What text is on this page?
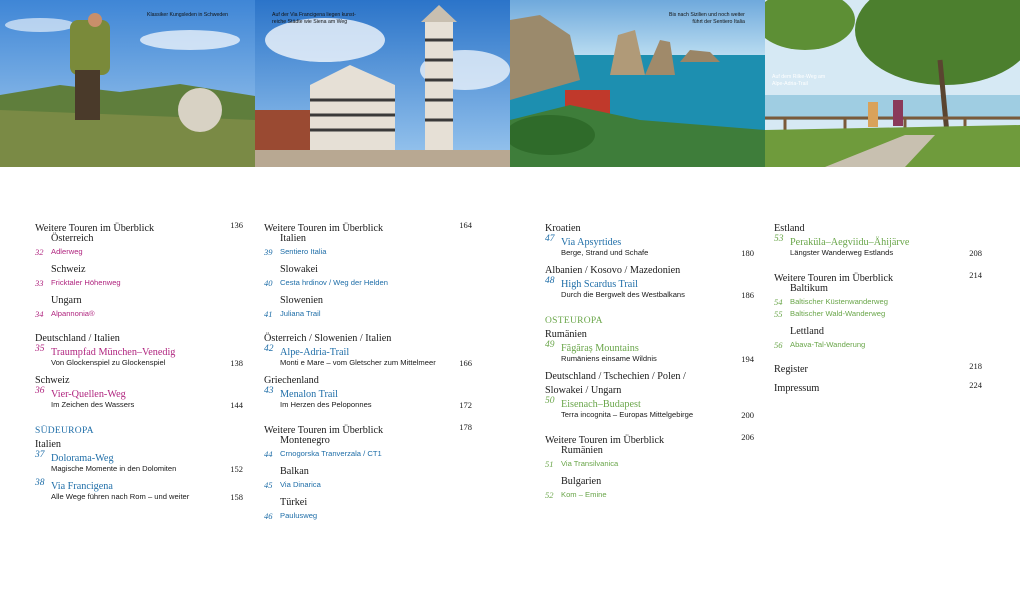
Klassiker Kungsleden in Schweden	Auf der Via Francigena liegen kunst-
reiche Städte wie Siena am Weg
Bis nach Sizilien und noch weiter
führt der Sentiero Italia
Auf dem Rilke-Weg am
Alpe-Adria-Trail
Weitere Touren im Überblick	136
Österreich
32 Adlerweg
Schweiz
33 Fricktaler Höhenweg
Ungarn
34 Alpannonia®
Deutschland / Italien
35 Traumpfad München–Venedig
Von Glockenspiel zu Glockenspiel	138
Schweiz
36 Vier-Quellen-Weg
Im Zeichen des Wassers	144
SÜDEUROPA
Italien
37 Dolorama-Weg
Magische Momente in den Dolomiten	152
38 Via Francigena
Alle Wege führen nach Rom – und weiter	158
Weitere Touren im Überblick	164
Italien
39 Sentiero Italia
Slowakei
40 Cesta hrdinov / Weg der Helden
Slowenien
41 Juliana Trail
Österreich / Slowenien / Italien
42 Alpe-Adria-Trail
Monti e Mare – vom Gletscher zum Mittelmeer	166
Griechenland
43 Menalon Trail
Im Herzen des Peloponnes	172
Weitere Touren im Überblick	178
Montenegro
44 Crnogorska Tranverzala / CT1
Balkan
45 Via Dinarica
Türkei
46 Paulusweg
Kroatien
47 Via Apsyrtides
Berge, Strand und Schafe	180
Albanien / Kosovo / Mazedonien
48 High Scardus Trail
Durch die Bergwelt des Westbalkans	186
OSTEUROPA
Rumänien
49 Făgăraș Mountains
Rumäniens einsame Wildnis	194
Deutschland / Tschechien / Polen /
Slowakei / Ungarn
50 Eisenach–Budapest
Terra incognita – Europas Mittelgebirge	200
Weitere Touren im Überblick	206
Rumänien
51 Via Transilvanica
Bulgarien
52 Kom – Emine
Estland
53 Peraküla–Aegviidu–Ähijärve
Längster Wanderweg Estlands	208
Weitere Touren im Überblick	214
Baltikum
54 Baltischer Küstenwanderweg
55 Baltischer Wald-Wanderweg
Lettland
56 Abava-Tal-Wanderung
Register	218
Impressum	224
